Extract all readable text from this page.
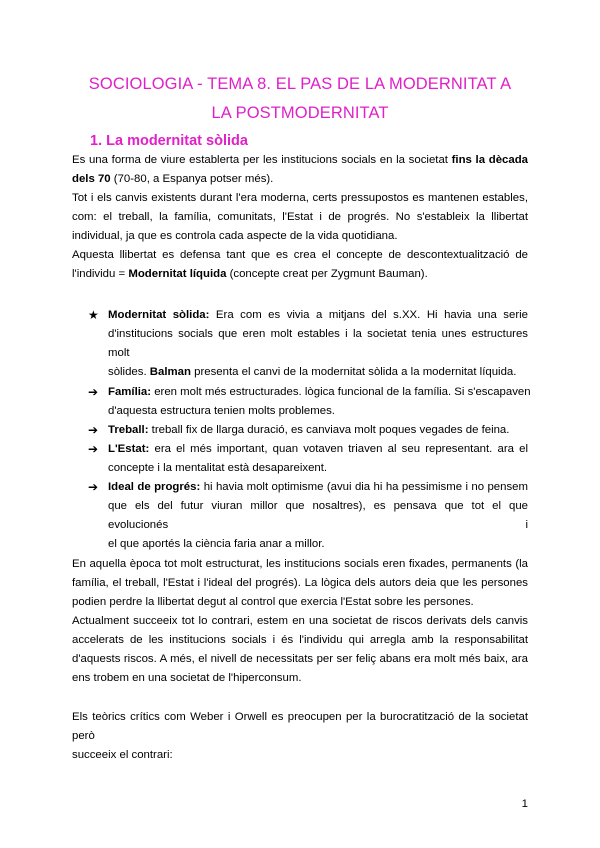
SOCIOLOGIA - TEMA 8. EL PAS DE LA MODERNITAT A
LA POSTMODERNITAT
1. La modernitat sòlida
Es una forma de viure establerta per les institucions socials en la societat fins la dècada
dels 70 (70-80, a Espanya potser més).
Tot i els canvis existents durant l'era moderna, certs pressupostos es mantenen estables,
com: el treball, la família, comunitats, l'Estat i de progrés. No s'estableix la llibertat
individual, ja que es controla cada aspecte de la vida quotidiana.
Aquesta llibertat es defensa tant que es crea el concepte de descontextualització de
l'individu = Modernitat líquida (concepte creat per Zygmunt Bauman).
★ Modernitat sòlida: Era com es vivia a mitjans del s.XX. Hi havia una serie
d'institucions socials que eren molt estables i la societat tenia unes estructures molt
sòlides. Balman presenta el canvi de la modernitat sòlida a la modernitat líquida.
➔ Família: eren molt més estructurades. lògica funcional de la família. Si s'escapaven
d'aquesta estructura tenien molts problemes.
➔ Treball: treball fix de llarga duració, es canviava molt poques vegades de feina.
➔ L'Estat: era el més important, quan votaven triaven al seu representant. ara el
concepte i la mentalitat està desapareixent.
➔ Ideal de progrés: hi havia molt optimisme (avui dia hi ha pessimisme i no pensem
que els del futur viuran millor que nosaltres), es pensava que tot el que evolucionés i
el que aportés la ciència faria anar a millor.
En aquella època tot molt estructurat, les institucions socials eren fixades, permanents (la
família, el treball, l'Estat i l'ideal del progrés). La lògica dels autors deia que les persones
podien perdre la llibertat degut al control que exercia l'Estat sobre les persones.
Actualment succeeix tot lo contrari, estem en una societat de riscos derivats dels canvis
accelerats de les institucions socials i és l'individu qui arregla amb la responsabilitat
d'aquests riscos. A més, el nivell de necessitats per ser feliç abans era molt més baix, ara
ens trobem en una societat de l'hiperconsum.
Els teòrics crítics com Weber i Orwell es preocupen per la burocratització de la societat però
succeeix el contrari:
1
